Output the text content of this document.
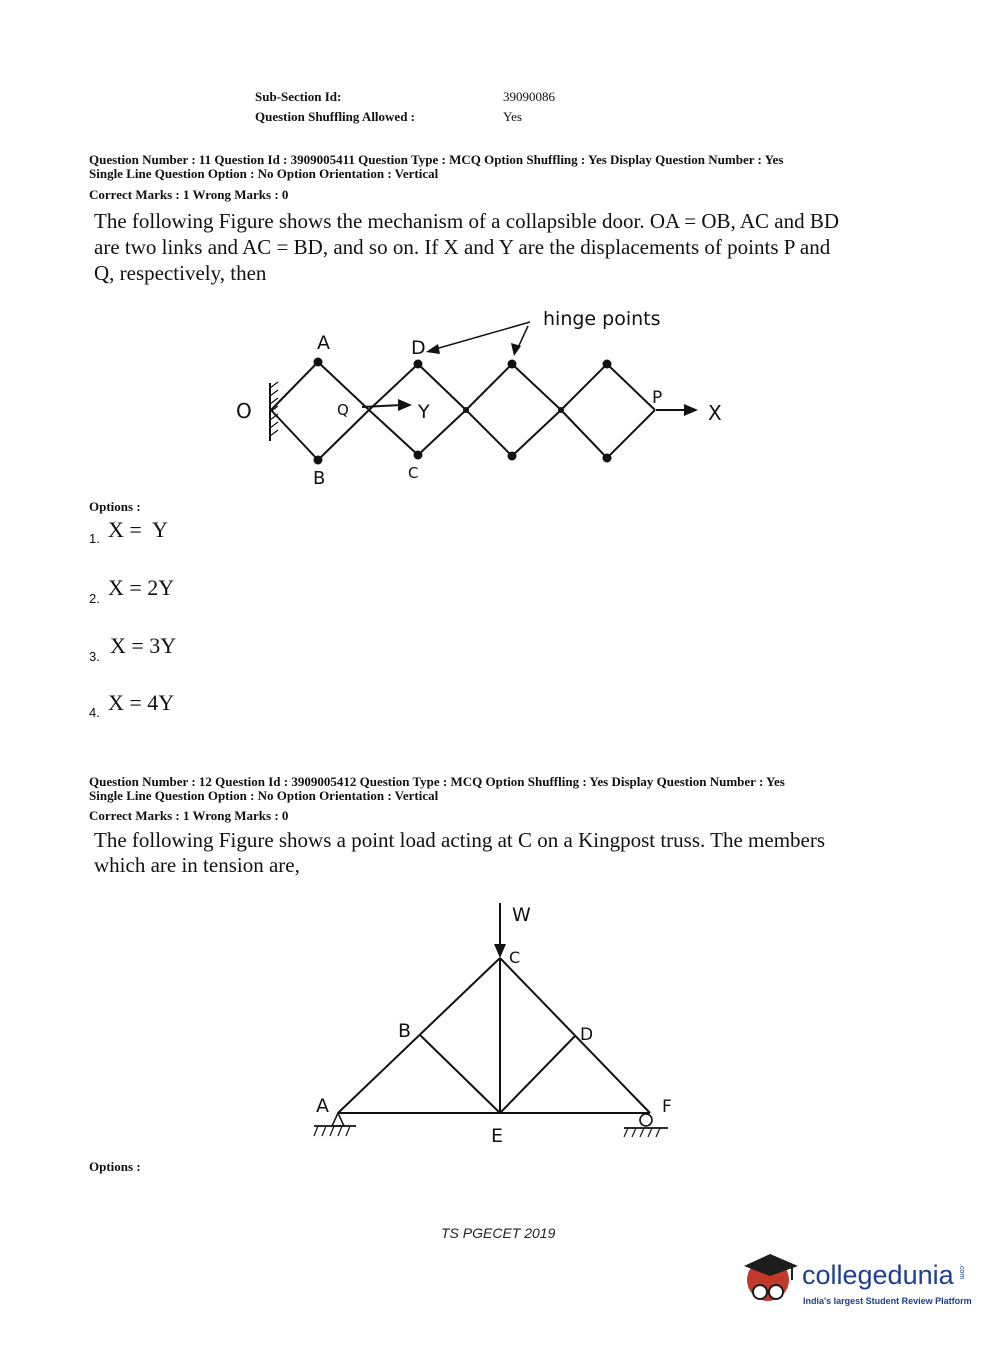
Sub-Section Id:	39090086
Question Shuffling Allowed :	Yes
Question Number : 11 Question Id : 3909005411 Question Type : MCQ Option Shuffling : Yes Display Question Number : Yes
Single Line Question Option : No Option Orientation : Vertical
Correct Marks : 1 Wrong Marks : 0
The following Figure shows the mechanism of a collapsible door. OA = OB, AC and BD
are two links and AC = BD, and so on. If X and Y are the displacements of points P and
Q, respectively, then
hinge points
A	D
O	Q	Y
P
X
B	C
Options :
1. X =  Y
2. X = 2Y
3. X = 3Y
4. X = 4Y
Question Number : 12 Question Id : 3909005412 Question Type : MCQ Option Shuffling : Yes Display Question Number : Yes
Single Line Question Option : No Option Orientation : Vertical
Correct Marks : 1 Wrong Marks : 0
The following Figure shows a point load acting at C on a Kingpost truss. The members
which are in tension are,
W
C
B	D
A
E
F
Options :
TS PGECET 2019
collegedunia .com
India's largest Student Review Platform
